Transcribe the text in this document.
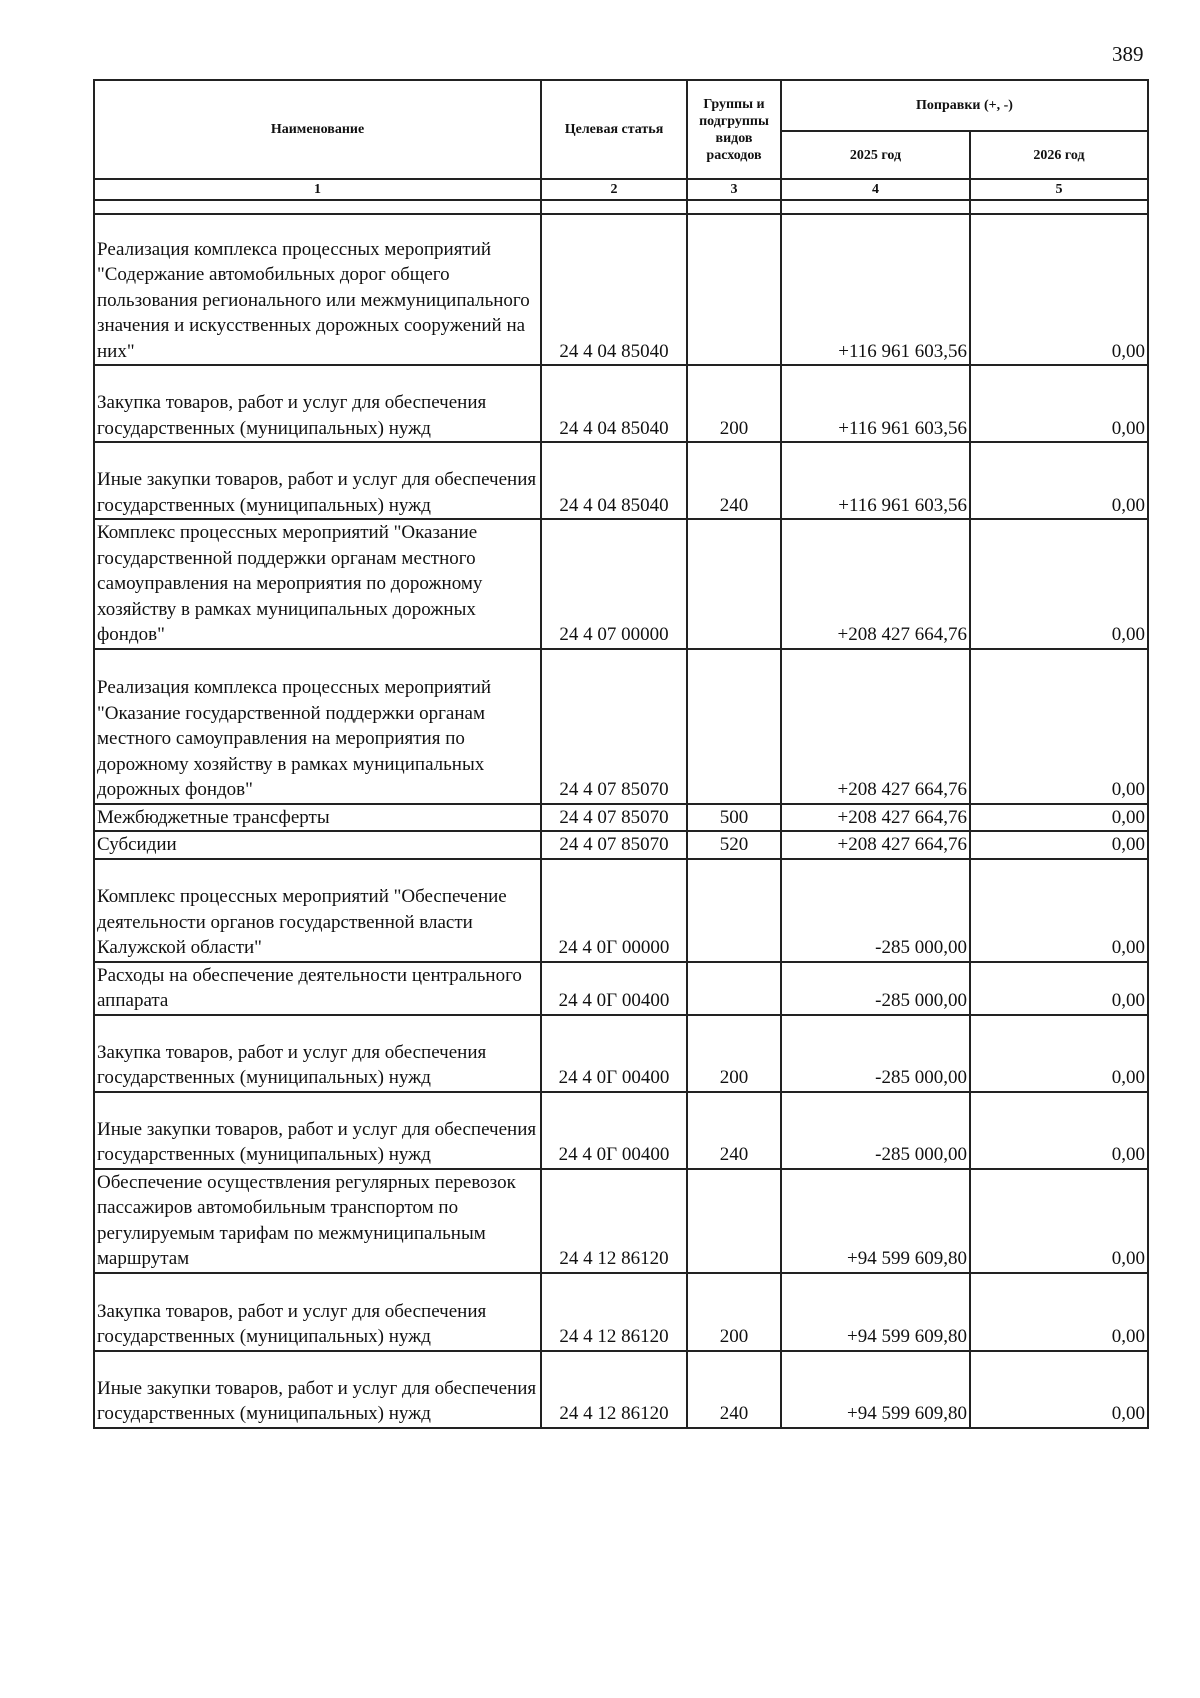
389
Наименование	Целевая статья	Группы и подгруппы видов расходов	Поправки (+, -)	
			2025 год	2026 год
1	2	3	4	5

Реализация комплекса процессных мероприятий "Содержание автомобильных дорог общего пользования регионального или межмуниципального значения и искусственных дорожных сооружений на них"	24 4 04 85040		+116 961 603,56	0,00
Закупка товаров, работ и услуг для обеспечения государственных (муниципальных) нужд	24 4 04 85040	200	+116 961 603,56	0,00
Иные закупки товаров, работ и услуг для обеспечения государственных (муниципальных) нужд	24 4 04 85040	240	+116 961 603,56	0,00
Комплекс процессных мероприятий "Оказание государственной поддержки органам местного самоуправления на мероприятия по дорожному хозяйству в рамках муниципальных дорожных фондов"	24 4 07 00000		+208 427 664,76	0,00
Реализация комплекса процессных мероприятий "Оказание государственной поддержки органам местного самоуправления на мероприятия по дорожному хозяйству в рамках муниципальных дорожных фондов"	24 4 07 85070		+208 427 664,76	0,00
Межбюджетные трансферты	24 4 07 85070	500	+208 427 664,76	0,00
Субсидии	24 4 07 85070	520	+208 427 664,76	0,00
Комплекс процессных мероприятий "Обеспечение деятельности органов государственной власти Калужской области"	24 4 0Г 00000		-285 000,00	0,00
Расходы на обеспечение деятельности центрального аппарата	24 4 0Г 00400		-285 000,00	0,00
Закупка товаров, работ и услуг для обеспечения государственных (муниципальных) нужд	24 4 0Г 00400	200	-285 000,00	0,00
Иные закупки товаров, работ и услуг для обеспечения государственных (муниципальных) нужд	24 4 0Г 00400	240	-285 000,00	0,00
Обеспечение осуществления регулярных перевозок пассажиров автомобильным транспортом по регулируемым тарифам по межмуниципальным маршрутам	24 4 12 86120		+94 599 609,80	0,00
Закупка товаров, работ и услуг для обеспечения государственных (муниципальных) нужд	24 4 12 86120	200	+94 599 609,80	0,00
Иные закупки товаров, работ и услуг для обеспечения государственных (муниципальных) нужд	24 4 12 86120	240	+94 599 609,80	0,00
